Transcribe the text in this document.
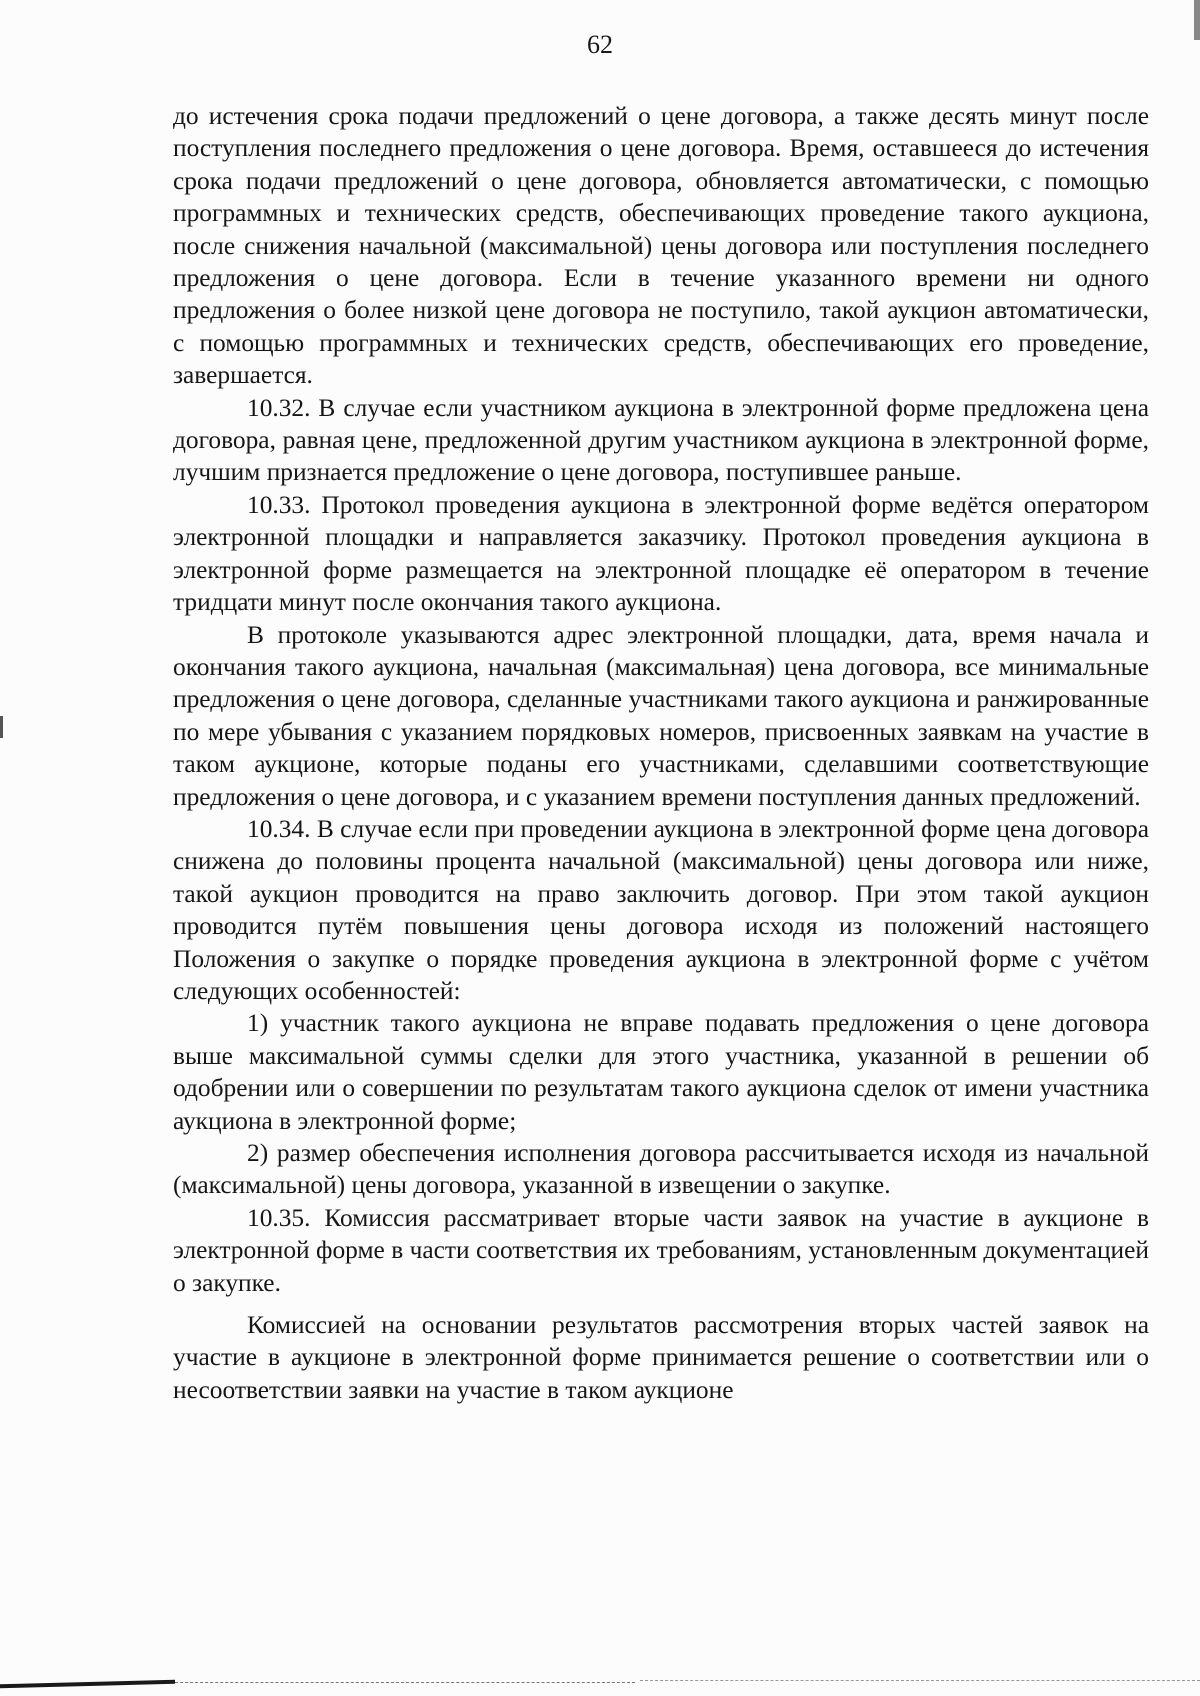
62

до истечения срока подачи предложений о цене договора, а также десять минут после поступления последнего предложения о цене договора. Время, оставшееся до истечения срока подачи предложений о цене договора, обновляется автоматически, с помощью программных и технических средств, обеспечивающих проведение такого аукциона, после снижения начальной (максимальной) цены договора или поступления последнего предложения о цене договора. Если в течение указанного времени ни одного предложения о более низкой цене договора не поступило, такой аукцион автоматически, с помощью программных и технических средств, обеспечивающих его проведение, завершается.

10.32. В случае если участником аукциона в электронной форме предложена цена договора, равная цене, предложенной другим участником аукциона в электронной форме, лучшим признается предложение о цене договора, поступившее раньше.

10.33. Протокол проведения аукциона в электронной форме ведётся оператором электронной площадки и направляется заказчику. Протокол проведения аукциона в электронной форме размещается на электронной площадке её оператором в течение тридцати минут после окончания такого аукциона.

В протоколе указываются адрес электронной площадки, дата, время начала и окончания такого аукциона, начальная (максимальная) цена договора, все минимальные предложения о цене договора, сделанные участниками такого аукциона и ранжированные по мере убывания с указанием порядковых номеров, присвоенных заявкам на участие в таком аукционе, которые поданы его участниками, сделавшими соответствующие предложения о цене договора, и с указанием времени поступления данных предложений.

10.34. В случае если при проведении аукциона в электронной форме цена договора снижена до половины процента начальной (максимальной) цены договора или ниже, такой аукцион проводится на право заключить договор. При этом такой аукцион проводится путём повышения цены договора исходя из положений настоящего Положения о закупке о порядке проведения аукциона в электронной форме с учётом следующих особенностей:

1) участник такого аукциона не вправе подавать предложения о цене договора выше максимальной суммы сделки для этого участника, указанной в решении об одобрении или о совершении по результатам такого аукциона сделок от имени участника аукциона в электронной форме;

2) размер обеспечения исполнения договора рассчитывается исходя из начальной (максимальной) цены договора, указанной в извещении о закупке.

10.35. Комиссия рассматривает вторые части заявок на участие в аукционе в электронной форме в части соответствия их требованиям, установленным документацией о закупке.

Комиссией на основании результатов рассмотрения вторых частей заявок на участие в аукционе в электронной форме принимается решение о соответствии или о несоответствии заявки на участие в таком аукционе
